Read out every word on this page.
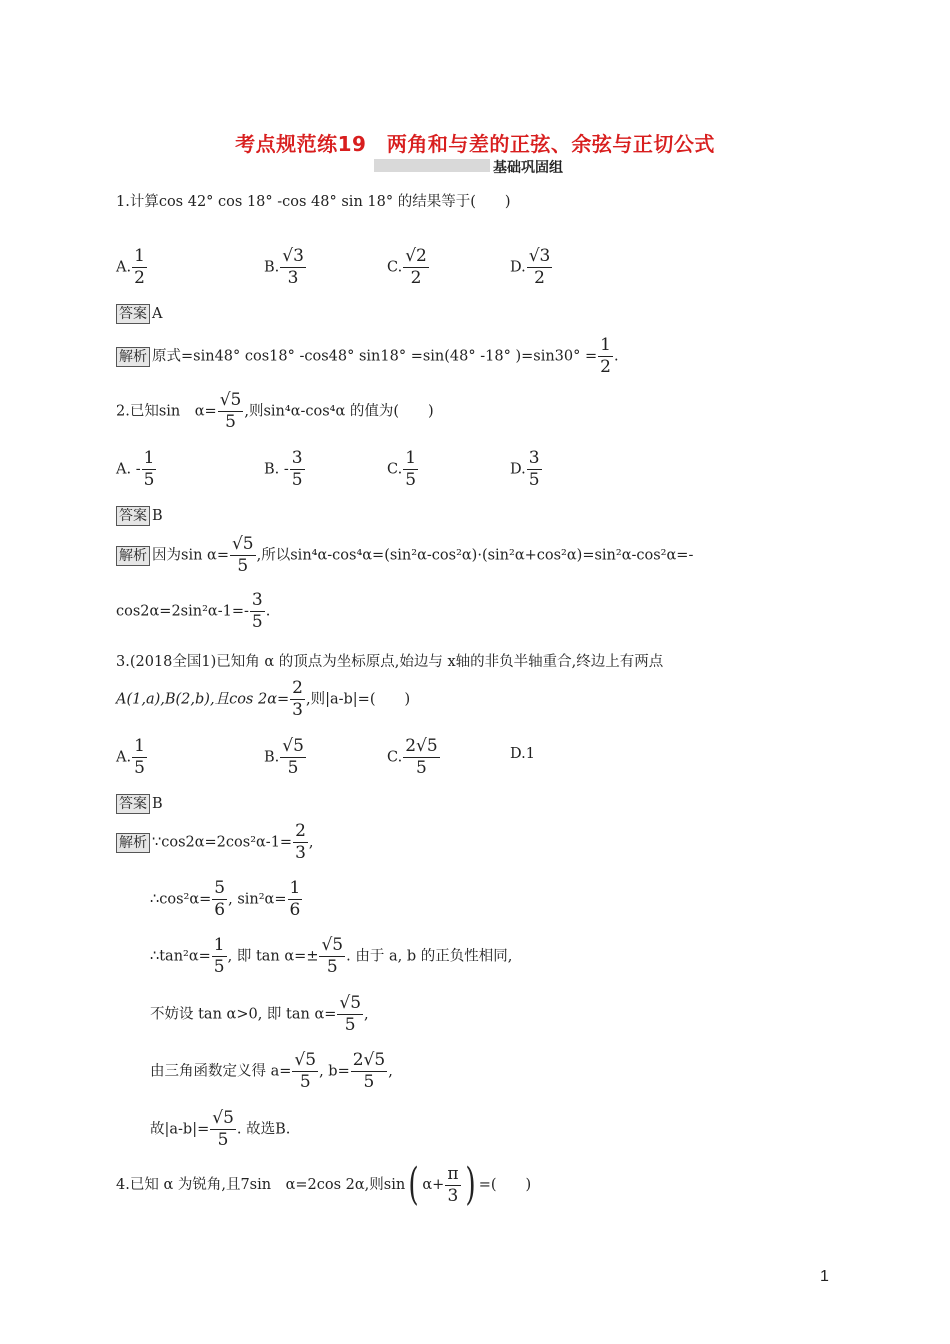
考点规范练19　两角和与差的正弦、余弦与正切公式
基础巩固组
1.计算cos 42° cos 18° -cos 48° sin 18° 的结果等于(　　)
A. $\frac{1}{2}$	B. $\frac{√3}{3}$	C. $\frac{√2}{2}$	D. $\frac{√3}{2}$
答案 A
解析 原式=sin48° cos18° -cos48° sin18° =sin(48° -18° )$=\sin 30^\circ = \frac{1}{2}$ .
2.已知sin　$\alpha= \frac{√5}{5}$ ,则sin⁴α-cos⁴α 的值为(　　)
A. - $\frac{1}{5}$	B. - $\frac{3}{5}$	C. $\frac{1}{5}$	D. $\frac{3}{5}$
答案 B
解析 因为$\sin \alpha= \frac{√5}{5}$ ,所以sin⁴α-cos⁴α=(sin²α-cos²α)·(sin²α+cos²α)=sin²α-cos²α=-
$\cos 2\alpha=2\sin^2\alpha-1=- \frac{3}{5}$ .
3.(2018全国1)已知角 α 的顶点为坐标原点,始边与 x轴的非负半轴重合,终边上有两点
A(1,a),B(2,b),且$\cos 2\alpha= \frac{2}{3}$ ,则|a-b|=(　　)
A. $\frac{1}{5}$	B. $\frac{√5}{5}$	C. $\frac{2√5}{5}$	D.1
答案 B
解析 ∵cos2α=2cos²α-1= $\frac{2}{3}$ ,
∴cos²α= $\frac{5}{6}$ , $\sin^2\alpha= \frac{1}{6}$
∴tan²α= $\frac{1}{5}$ , 即 $\tan \alpha=\pm \frac{√5}{5}$ . 由于 a, b 的正负性相同,
不妨设 tan α>0, 即 $\tan \alpha= \frac{√5}{5}$ ,
由三角函数定义得 $a= \frac{√5}{5}$ , $b= \frac{2√5}{5}$ ,
故$|a-b|= \frac{√5}{5}$ . 故选B.
4.已知 α 为锐角,且7sin　α=2cos 2α,则sin( $\alpha+ \frac{\pi}{3}$ ) =(　　)
1
